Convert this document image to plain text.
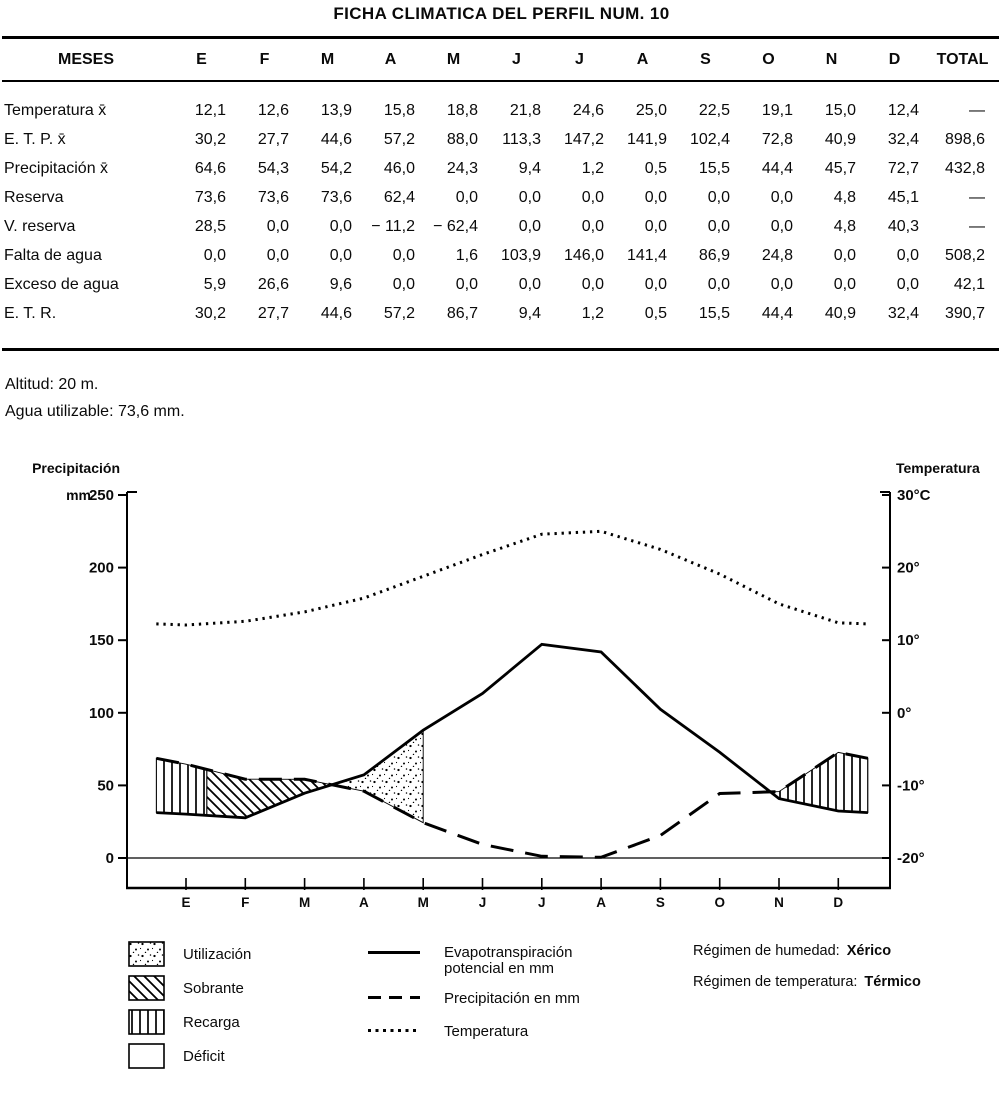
FICHA CLIMATICA DEL PERFIL NUM. 10
MESES	E	F	M	A	M	J	J	A	S	O	N	D	TOTAL
Temperatura x̄	12,1	12,6	13,9	15,8	18,8	21,8	24,6	25,0	22,5	19,1	15,0	12,4	—
E. T. P. x̄	30,2	27,7	44,6	57,2	88,0	113,3	147,2	141,9	102,4	72,8	40,9	32,4	898,6
Precipitación x̄	64,6	54,3	54,2	46,0	24,3	9,4	1,2	0,5	15,5	44,4	45,7	72,7	432,8
Reserva	73,6	73,6	73,6	62,4	0,0	0,0	0,0	0,0	0,0	0,0	4,8	45,1	—
V. reserva	28,5	0,0	0,0	− 11,2	− 62,4	0,0	0,0	0,0	0,0	0,0	4,8	40,3	—
Falta de agua	0,0	0,0	0,0	0,0	1,6	103,9	146,0	141,4	86,9	24,8	0,0	0,0	508,2
Exceso de agua	5,9	26,6	9,6	0,0	0,0	0,0	0,0	0,0	0,0	0,0	0,0	0,0	42,1
E. T. R.	30,2	27,7	44,6	57,2	86,7	9,4	1,2	0,5	15,5	44,4	40,9	32,4	390,7
Altitud: 20 m.
Agua utilizable: 73,6 mm.
250
200
150
100
50
0
30°C
20°
10°
0°
-10°
-20°
Precipitación
mm
Temperatura
E	F	M	A	M	J	J	A	S	O	N	D
Utilización
Sobrante
Recarga
Déficit
Evapotranspiración
potencial en mm
Precipitación en mm
Temperatura
Régimen de humedad: Xérico
Régimen de temperatura: Térmico
